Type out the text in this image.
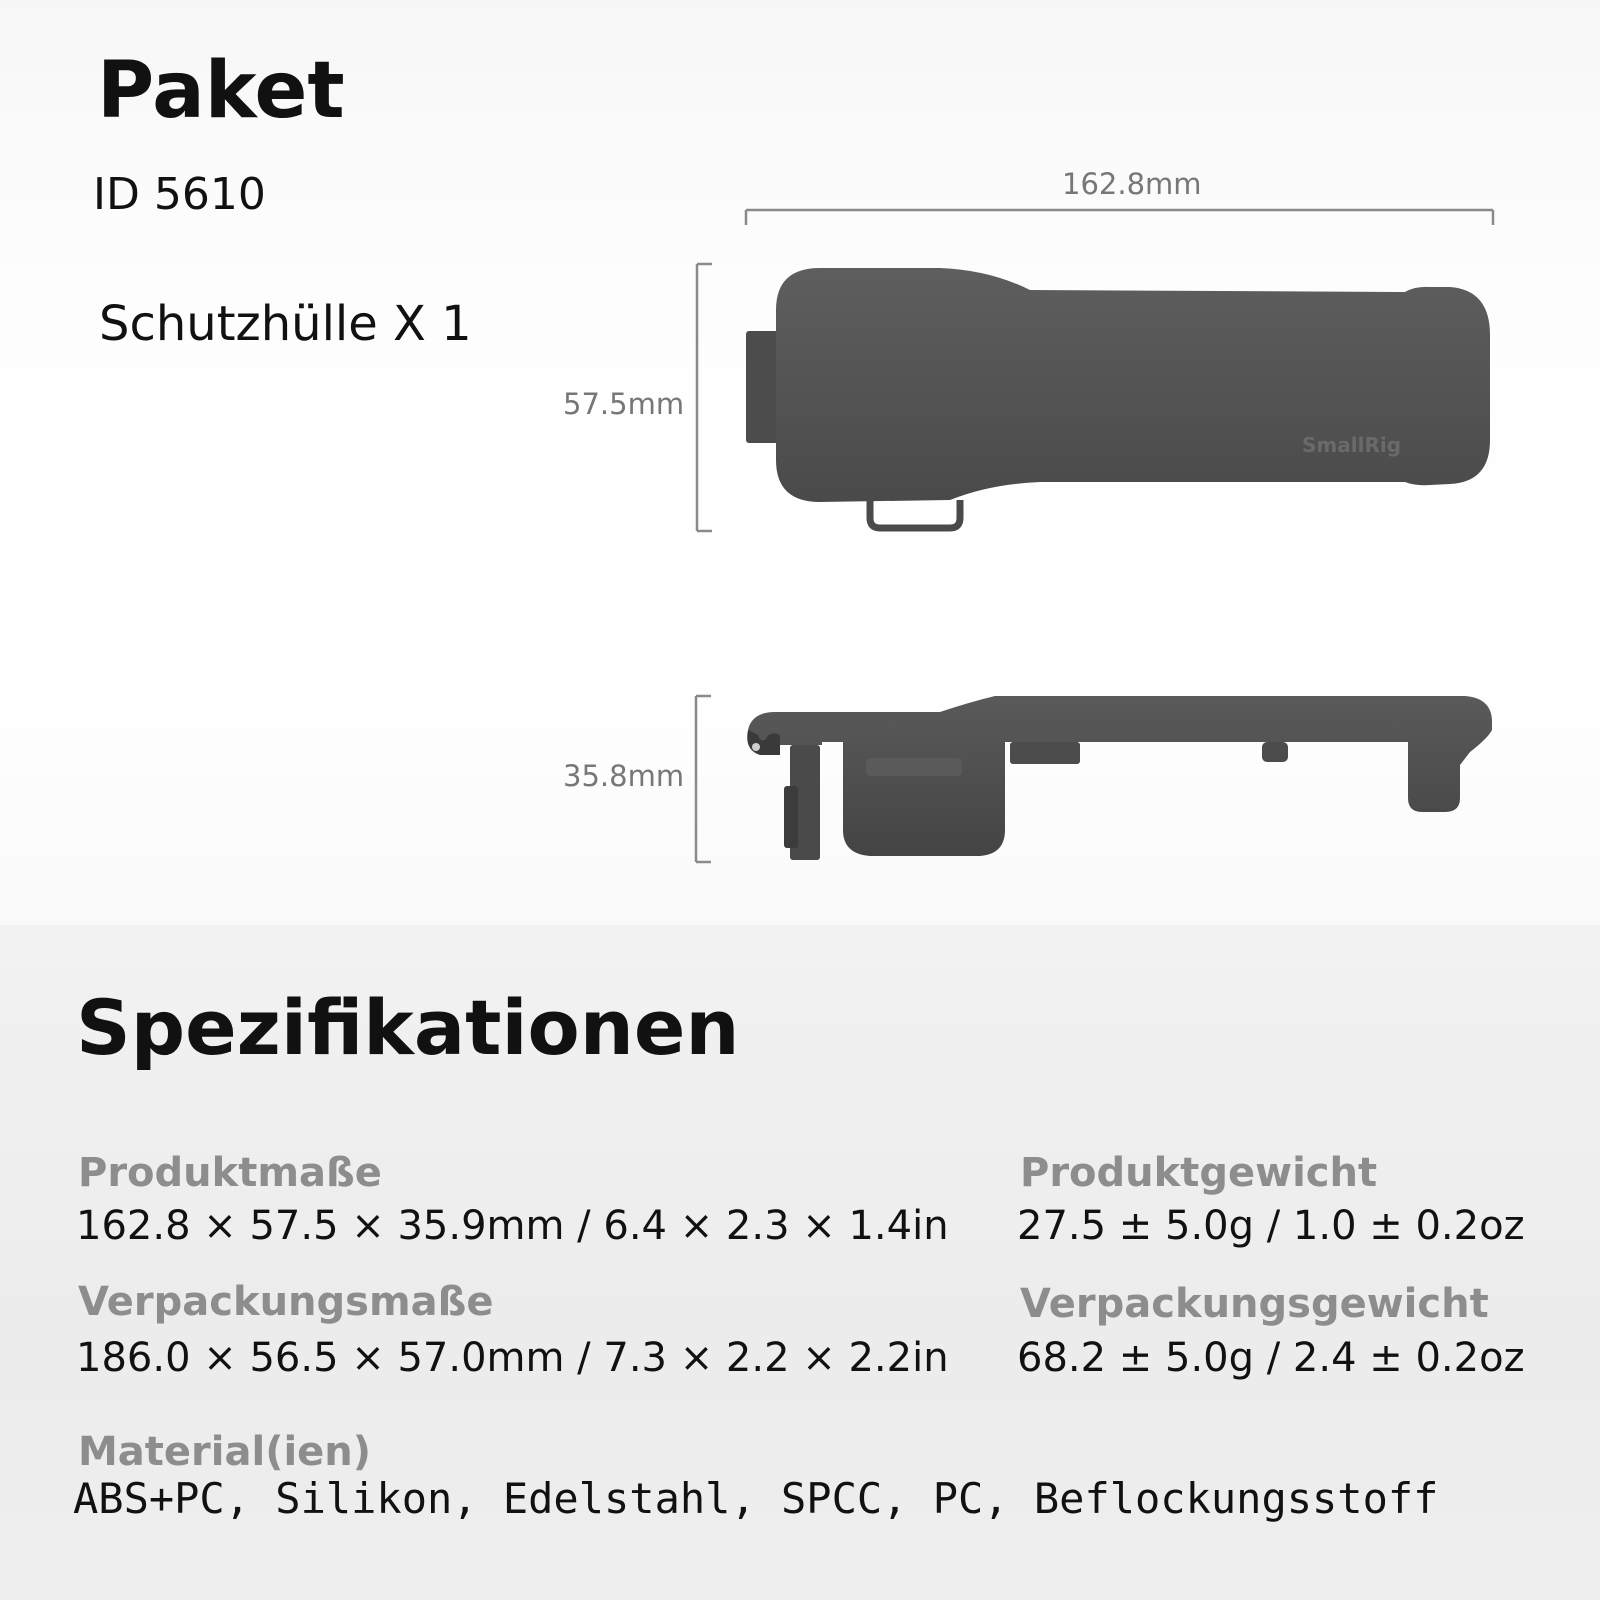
Paket
ID 5610
Schutzhülle X 1
162.8mm
57.5mm
35.8mm
SmallRig
Spezifikationen
Produktmaße
162.8 × 57.5 × 35.9mm / 6.4 × 2.3 × 1.4in
Verpackungsmaße
186.0 × 56.5 × 57.0mm / 7.3 × 2.2 × 2.2in
Produktgewicht
27.5 ± 5.0g / 1.0 ± 0.2oz
Verpackungsgewicht
68.2 ± 5.0g / 2.4 ± 0.2oz
Material(ien)
ABS+PC, Silikon, Edelstahl, SPCC, PC, Beflockungsstoff
